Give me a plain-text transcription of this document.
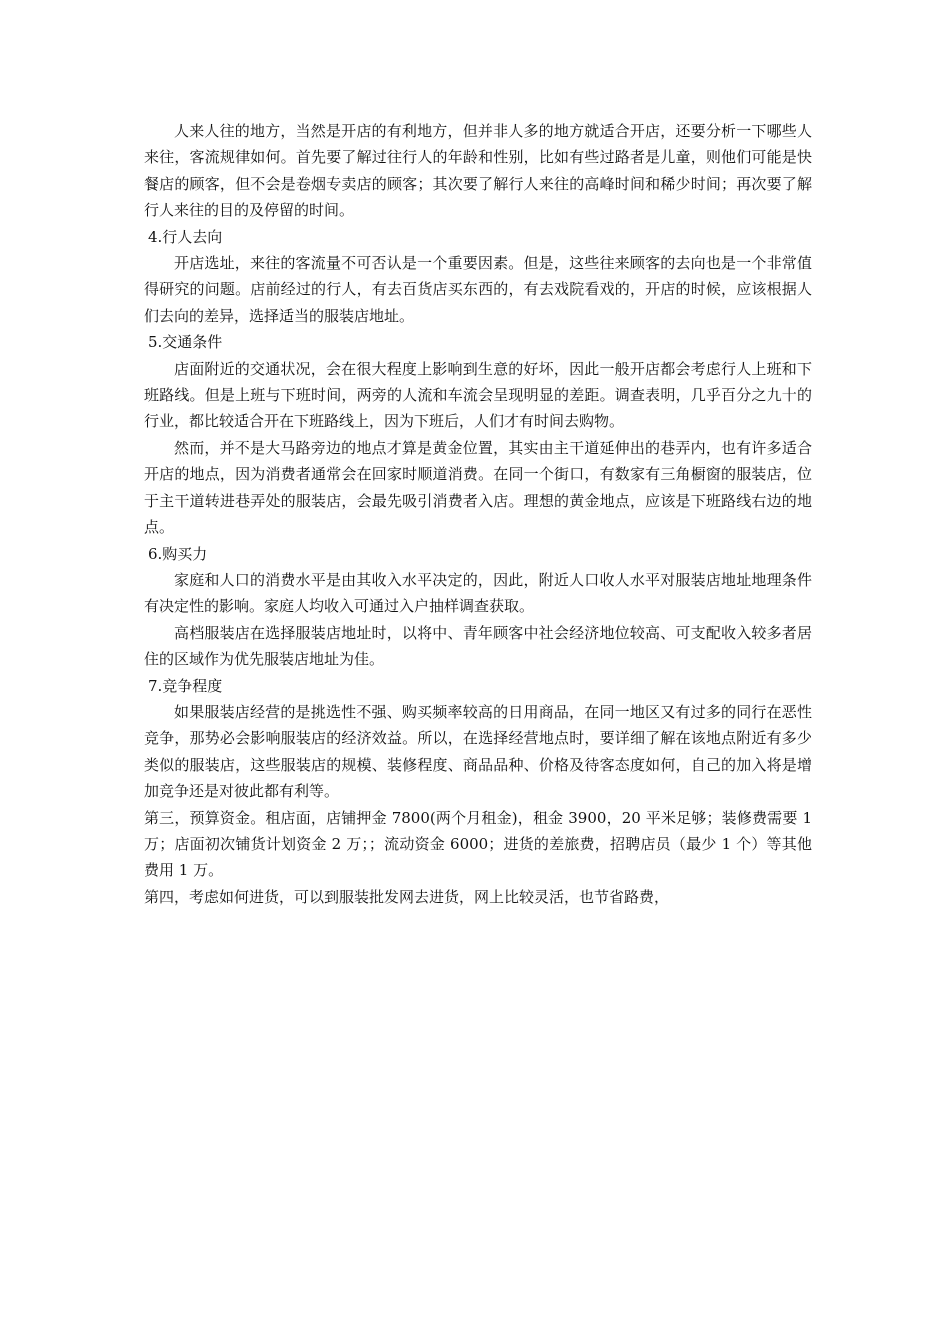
人来人往的地方，当然是开店的有利地方，但并非人多的地方就适合开店，还要分析一下哪些人来往，客流规律如何。首先要了解过往行人的年龄和性别，比如有些过路者是儿童，则他们可能是快餐店的顾客，但不会是卷烟专卖店的顾客；其次要了解行人来往的高峰时间和稀少时间；再次要了解行人来往的目的及停留的时间。

4.行人去向

开店选址，来往的客流量不可否认是一个重要因素。但是，这些往来顾客的去向也是一个非常值得研究的问题。店前经过的行人，有去百货店买东西的，有去戏院看戏的，开店的时候，应该根据人们去向的差异，选择适当的服装店地址。

5.交通条件

店面附近的交通状况，会在很大程度上影响到生意的好坏，因此一般开店都会考虑行人上班和下班路线。但是上班与下班时间，两旁的人流和车流会呈现明显的差距。调查表明，几乎百分之九十的行业，都比较适合开在下班路线上，因为下班后，人们才有时间去购物。

然而，并不是大马路旁边的地点才算是黄金位置，其实由主干道延伸出的巷弄内，也有许多适合开店的地点，因为消费者通常会在回家时顺道消费。在同一个街口，有数家有三角橱窗的服装店，位于主干道转进巷弄处的服装店，会最先吸引消费者入店。理想的黄金地点，应该是下班路线右边的地点。

6.购买力

家庭和人口的消费水平是由其收入水平决定的，因此，附近人口收人水平对服装店地址地理条件有决定性的影响。家庭人均收入可通过入户抽样调查获取。

高档服装店在选择服装店地址时，以将中、青年顾客中社会经济地位较高、可支配收入较多者居住的区域作为优先服装店地址为佳。

7.竞争程度

如果服装店经营的是挑选性不强、购买频率较高的日用商品，在同一地区又有过多的同行在恶性竞争，那势必会影响服装店的经济效益。所以，在选择经营地点时，要详细了解在该地点附近有多少类似的服装店，这些服装店的规模、装修程度、商品品种、价格及待客态度如何，自己的加入将是增加竞争还是对彼此都有利等。

第三，预算资金。租店面，店铺押金 7800(两个月租金)，租金 3900，20 平米足够；装修费需要 1 万；店面初次铺货计划资金 2 万；；流动资金 6000；进货的差旅费，招聘店员（最少 1 个）等其他费用 1 万。

第四，考虑如何进货，可以到服装批发网去进货，网上比较灵活，也节省路费，
